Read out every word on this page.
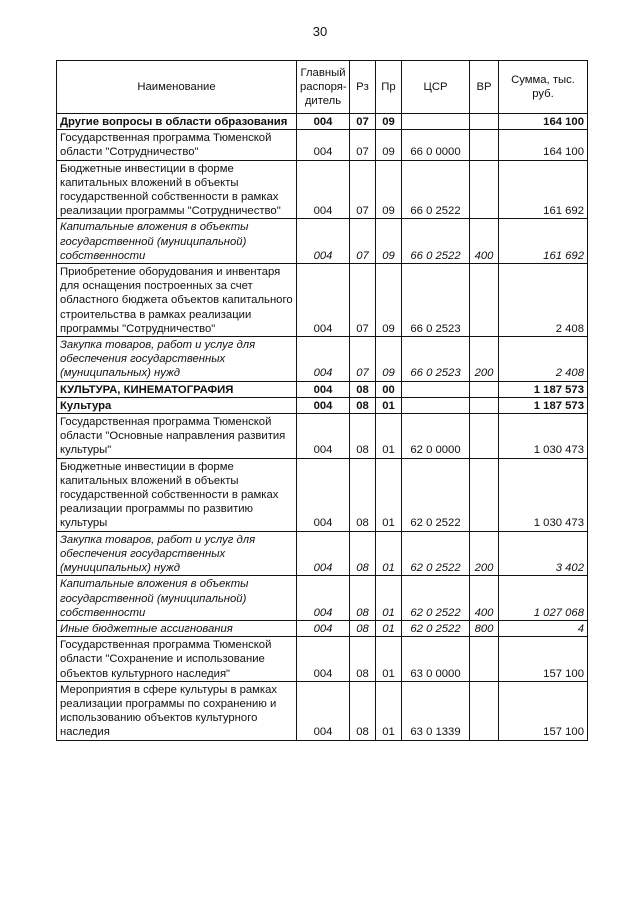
30
Наименование	Главный распоря-дитель	Рз	Пр	ЦСР	ВР	Сумма, тыс. руб.
Другие вопросы в области образования	004	07	09			164 100
Государственная программа Тюменской области "Сотрудничество"	004	07	09	66 0 0000		164 100
Бюджетные инвестиции в форме капитальных вложений в объекты государственной собственности в рамках реализации программы "Сотрудничество"	004	07	09	66 0 2522		161 692
Капитальные вложения в объекты государственной (муниципальной) собственности	004	07	09	66 0 2522	400	161 692
Приобретение оборудования и инвентаря для оснащения построенных за счет областного бюджета объектов капитального строительства в рамках реализации программы "Сотрудничество"	004	07	09	66 0 2523		2 408
Закупка товаров, работ и услуг для обеспечения государственных (муниципальных) нужд	004	07	09	66 0 2523	200	2 408
КУЛЬТУРА, КИНЕМАТОГРАФИЯ	004	08	00			1 187 573
Культура	004	08	01			1 187 573
Государственная программа Тюменской области "Основные направления развития культуры"	004	08	01	62 0 0000		1 030 473
Бюджетные инвестиции в форме капитальных вложений в объекты государственной собственности в рамках реализации программы по развитию культуры	004	08	01	62 0 2522		1 030 473
Закупка товаров, работ и услуг для обеспечения государственных (муниципальных) нужд	004	08	01	62 0 2522	200	3 402
Капитальные вложения в объекты государственной (муниципальной) собственности	004	08	01	62 0 2522	400	1 027 068
Иные бюджетные ассигнования	004	08	01	62 0 2522	800	4
Государственная программа Тюменской области "Сохранение и использование объектов культурного наследия"	004	08	01	63 0 0000		157 100
Мероприятия в сфере культуры в рамках реализации программы по сохранению и использованию объектов культурного наследия	004	08	01	63 0 1339		157 100
